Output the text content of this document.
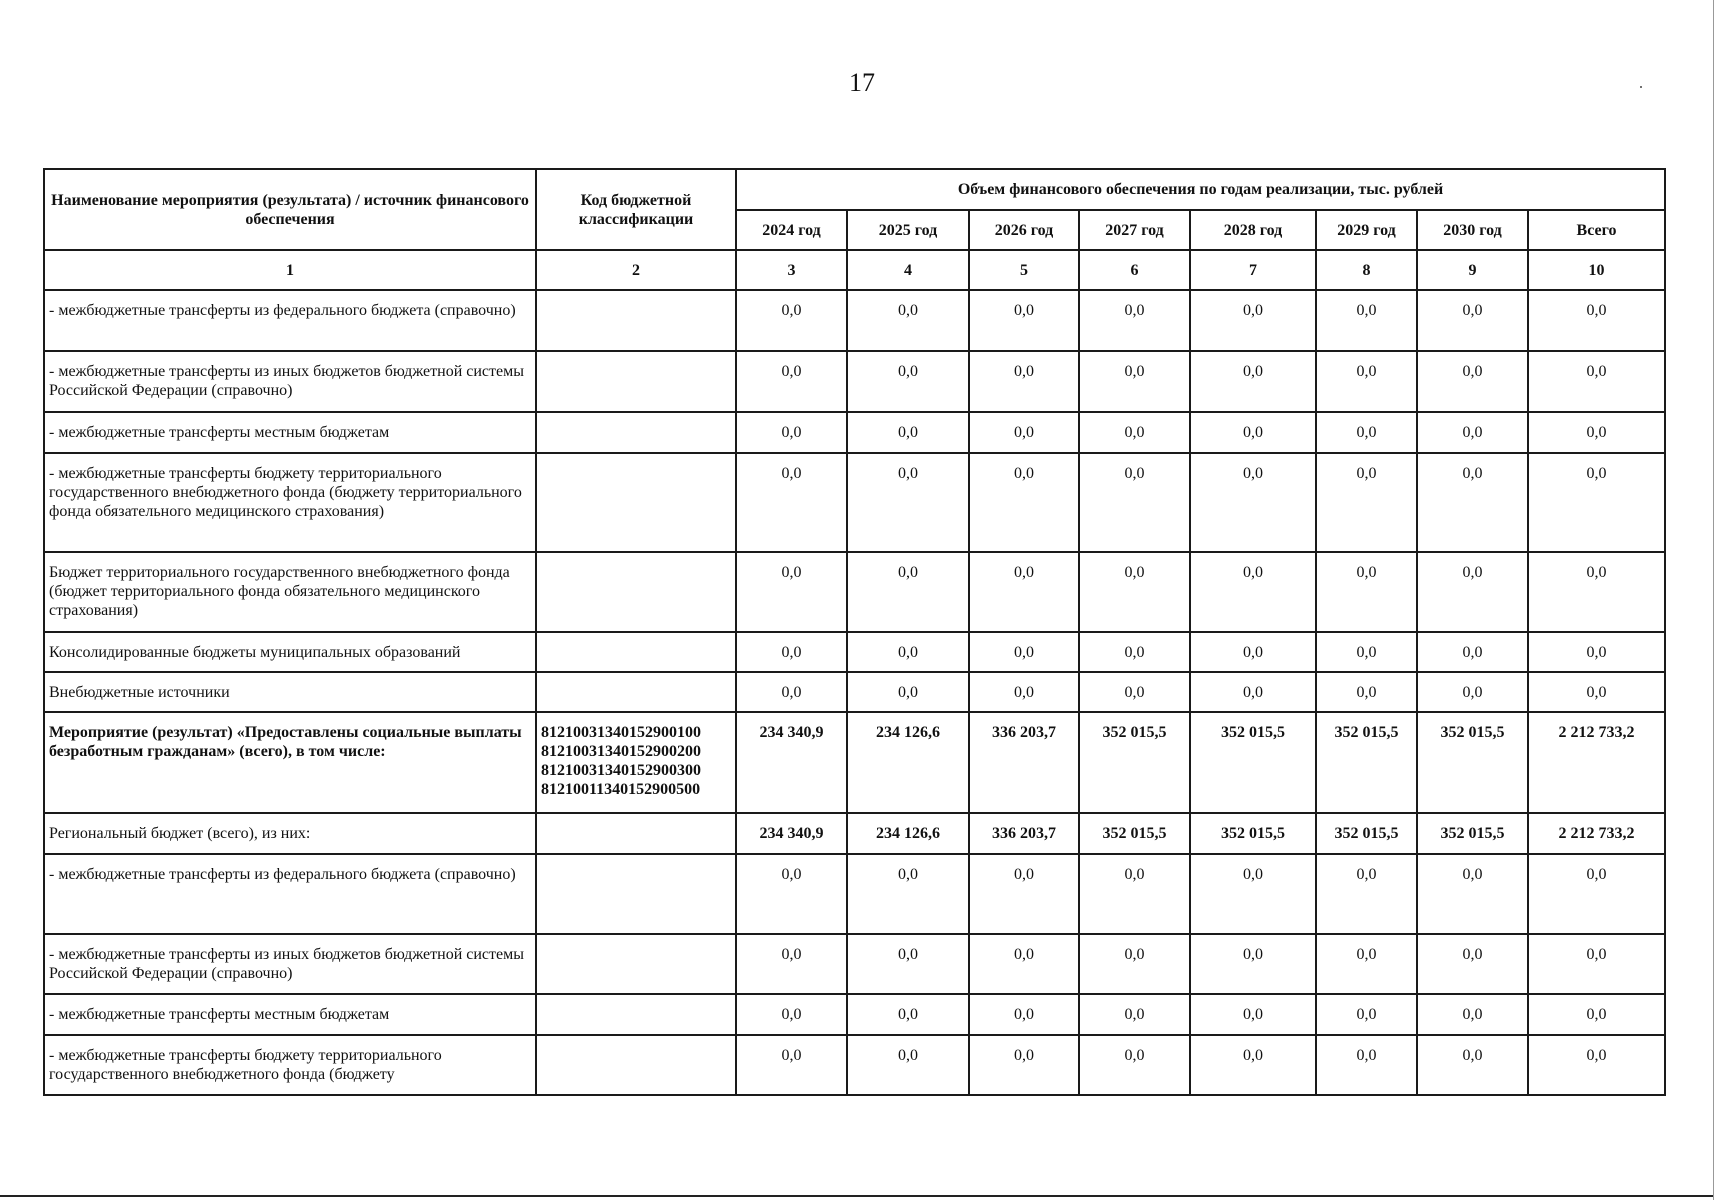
17
Наименование мероприятия (результата) / источник финансового обеспечения	Код бюджетной классификации	Объем финансового обеспечения по годам реализации, тыс. рублей							
		2024 год	2025 год	2026 год	2027 год	2028 год	2029 год	2030 год	Всего
1	2	3	4	5	6	7	8	9	10
- межбюджетные трансферты из федерального бюджета (справочно)		0,0	0,0	0,0	0,0	0,0	0,0	0,0	0,0
- межбюджетные трансферты из иных бюджетов бюджетной системы Российской Федерации (справочно)		0,0	0,0	0,0	0,0	0,0	0,0	0,0	0,0
- межбюджетные трансферты местным бюджетам		0,0	0,0	0,0	0,0	0,0	0,0	0,0	0,0
- межбюджетные трансферты бюджету территориального государственного внебюджетного фонда (бюджету территориального фонда обязательного медицинского страхования)		0,0	0,0	0,0	0,0	0,0	0,0	0,0	0,0
Бюджет территориального государственного внебюджетного фонда (бюджет территориального фонда обязательного медицинского страхования)		0,0	0,0	0,0	0,0	0,0	0,0	0,0	0,0
Консолидированные бюджеты муниципальных образований		0,0	0,0	0,0	0,0	0,0	0,0	0,0	0,0
Внебюджетные источники		0,0	0,0	0,0	0,0	0,0	0,0	0,0	0,0
Мероприятие (результат) «Предоставлены социальные выплаты безработным гражданам» (всего), в том числе:	81210031340152900100
81210031340152900200
81210031340152900300
81210011340152900500	234 340,9	234 126,6	336 203,7	352 015,5	352 015,5	352 015,5	352 015,5	2 212 733,2
Региональный бюджет (всего), из них:		234 340,9	234 126,6	336 203,7	352 015,5	352 015,5	352 015,5	352 015,5	2 212 733,2
- межбюджетные трансферты из федерального бюджета (справочно)		0,0	0,0	0,0	0,0	0,0	0,0	0,0	0,0
- межбюджетные трансферты из иных бюджетов бюджетной системы Российской Федерации (справочно)		0,0	0,0	0,0	0,0	0,0	0,0	0,0	0,0
- межбюджетные трансферты местным бюджетам		0,0	0,0	0,0	0,0	0,0	0,0	0,0	0,0
- межбюджетные трансферты бюджету территориального государственного внебюджетного фонда (бюджету		0,0	0,0	0,0	0,0	0,0	0,0	0,0	0,0
